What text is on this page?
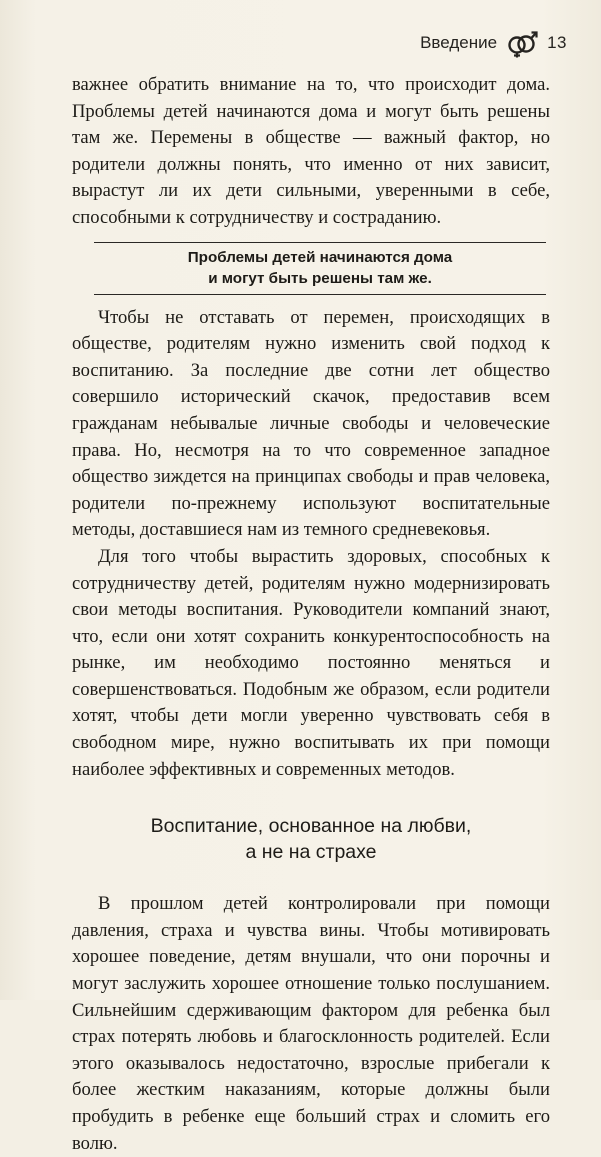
Введение	13

важнее обратить внимание на то, что происходит дома. Проблемы детей начинаются дома и могут быть решены там же. Перемены в обществе — важный фактор, но родители должны понять, что именно от них зависит, вырастут ли их дети сильными, уверенными в себе, способными к сотрудничеству и состраданию.

Проблемы детей начинаются дома
и могут быть решены там же.

Чтобы не отставать от перемен, происходящих в обществе, родителям нужно изменить свой подход к воспитанию. За последние две сотни лет общество совершило исторический скачок, предоставив всем гражданам небывалые личные свободы и человеческие права. Но, несмотря на то что современное западное общество зиждется на принципах свободы и прав человека, родители по-прежнему используют воспитательные методы, доставшиеся нам из темного средневековья.

Для того чтобы вырастить здоровых, способных к сотрудничеству детей, родителям нужно модернизировать свои методы воспитания. Руководители компаний знают, что, если они хотят сохранить конкурентоспособность на рынке, им необходимо постоянно меняться и совершенствоваться. Подобным же образом, если родители хотят, чтобы дети могли уверенно чувствовать себя в свободном мире, нужно воспитывать их при помощи наиболее эффективных и современных методов.

Воспитание, основанное на любви,
а не на страхе

В прошлом детей контролировали при помощи давления, страха и чувства вины. Чтобы мотивировать хорошее поведение, детям внушали, что они порочны и могут заслужить хорошее отношение только послушанием. Сильнейшим сдерживающим фактором для ребенка был страх потерять любовь и благосклонность родителей. Если этого оказывалось недостаточно, взрослые прибегали к более жестким наказаниям, которые должны были пробудить в ребенке еще больший страх и сломить его волю.
